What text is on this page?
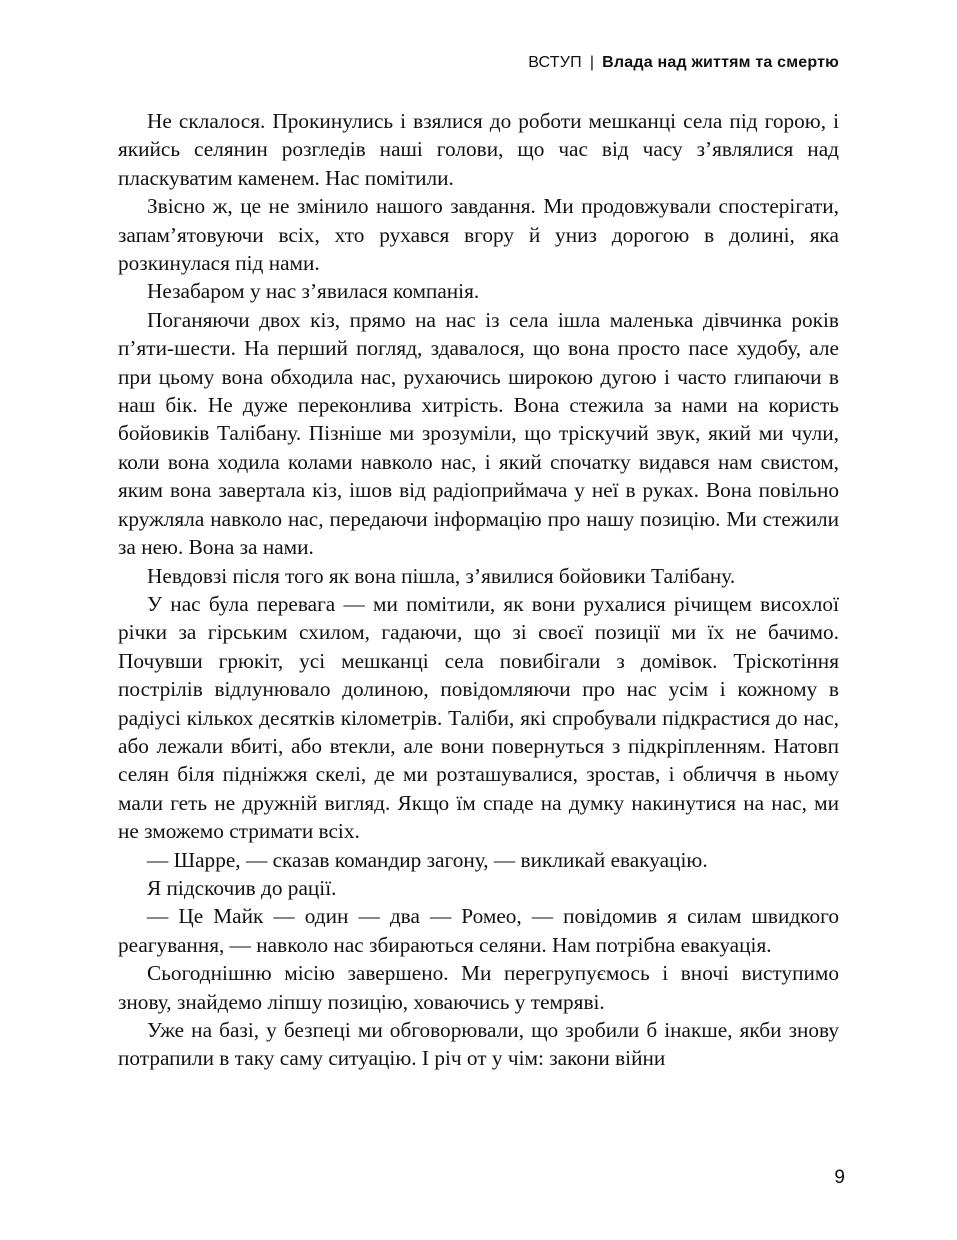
ВСТУП | Влада над життям та смертю

Не склалося. Прокинулись і взялися до роботи мешканці села під горою, і якийсь селянин розгледів наші голови, що час від часу з’являлися над пласкуватим каменем. Нас помітили.

Звісно ж, це не змінило нашого завдання. Ми продовжували спостерігати, запам’ятовуючи всіх, хто рухався вгору й униз дорогою в долині, яка розкинулася під нами.

Незабаром у нас з’явилася компанія.

Поганяючи двох кіз, прямо на нас із села ішла маленька дівчинка років п’яти-шести. На перший погляд, здавалося, що вона просто пасе худобу, але при цьому вона обходила нас, рухаючись широкою дугою і часто глипаючи в наш бік. Не дуже переконлива хитрість. Вона стежила за нами на користь бойовиків Талібану. Пізніше ми зрозуміли, що тріскучий звук, який ми чули, коли вона ходила колами навколо нас, і який спочатку видався нам свистом, яким вона завертала кіз, ішов від радіоприймача у неї в руках. Вона повільно кружляла навколо нас, передаючи інформацію про нашу позицію. Ми стежили за нею. Вона за нами.

Невдовзі після того як вона пішла, з’явилися бойовики Талібану.

У нас була перевага — ми помітили, як вони рухалися річищем висохлої річки за гірським схилом, гадаючи, що зі своєї позиції ми їх не бачимо. Почувши грюкіт, усі мешканці села повибігали з домівок. Тріскотіння пострілів відлунювало долиною, повідомляючи про нас усім і кожному в радіусі кількох десятків кілометрів. Таліби, які спробували підкрастися до нас, або лежали вбиті, або втекли, але вони повернуться з підкріпленням. Натовп селян біля підніжжя скелі, де ми розташувалися, зростав, і обличчя в ньому мали геть не дружній вигляд. Якщо їм спаде на думку накинутися на нас, ми не зможемо стримати всіх.

— Шарре, — сказав командир загону, — викликай евакуацію.

Я підскочив до рації.

— Це Майк — один — два — Ромео, — повідомив я силам швидкого реагування, — навколо нас збираються селяни. Нам потрібна евакуація.

Сьогоднішню місію завершено. Ми перегрупуємось і вночі виступимо знову, знайдемо ліпшу позицію, ховаючись у темряві.

Уже на базі, у безпеці ми обговорювали, що зробили б інакше, якби знову потрапили в таку саму ситуацію. І річ от у чім: закони війни

9
